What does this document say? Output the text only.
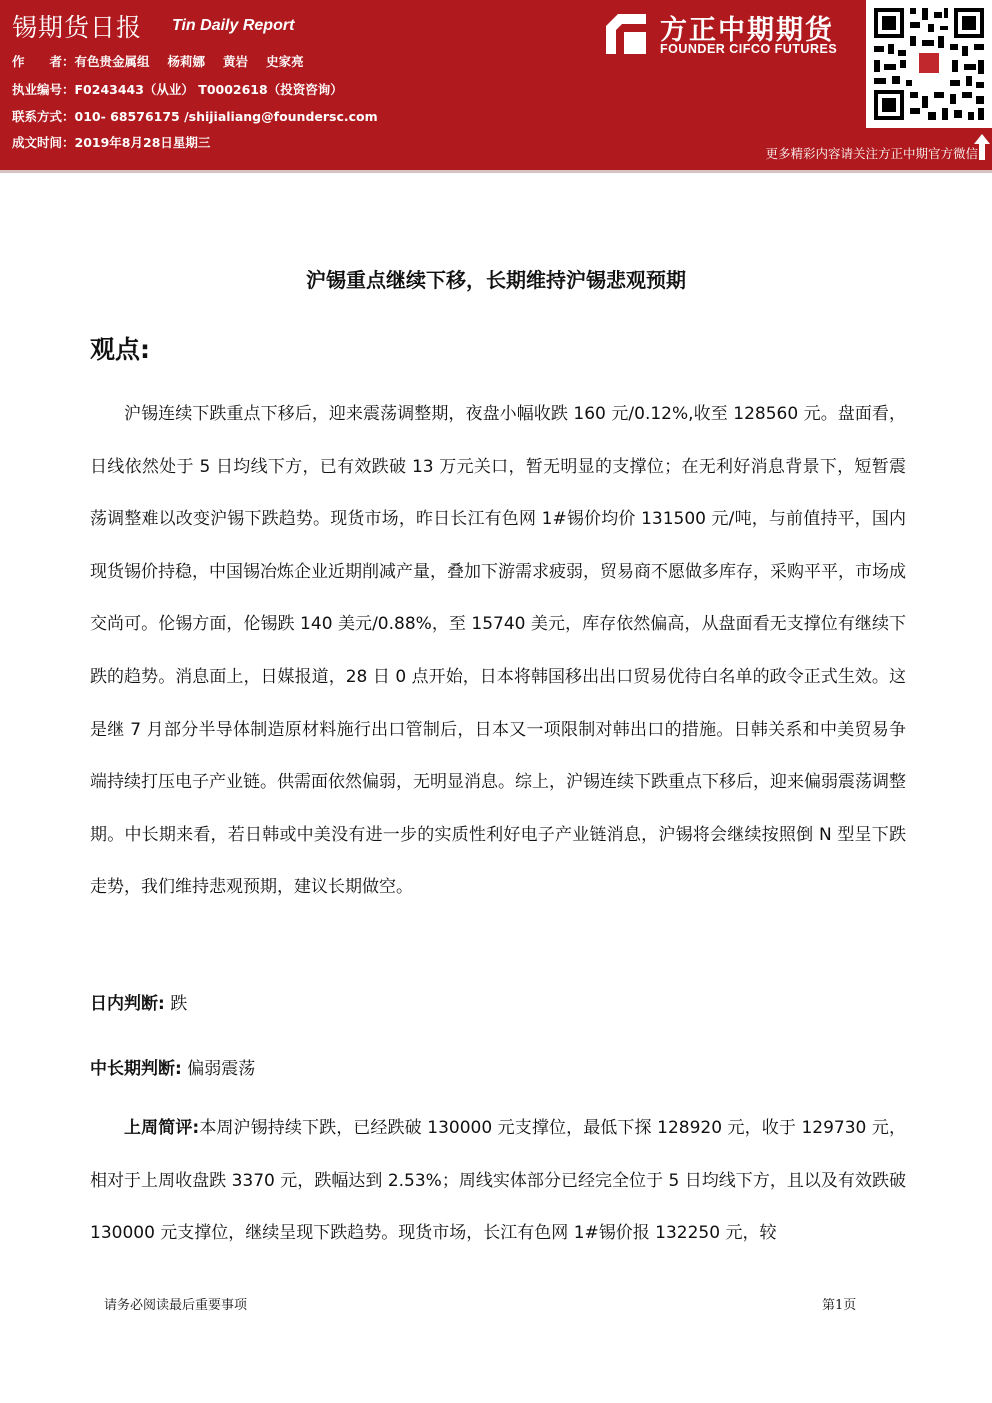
锡期货日报 Tin Daily Report
作　　者：有色贵金属组 杨莉娜 黄岩 史家亮
执业编号：F0243443（从业） T0002618（投资咨询）
联系方式：010- 68576175 /shijialiang@foundersc.com
成文时间：2019年8月28日星期三
方正中期期货
FOUNDER CIFCO FUTURES
更多精彩内容请关注方正中期官方微信
沪锡重点继续下移，长期维持沪锡悲观预期
观点:

沪锡连续下跌重点下移后，迎来震荡调整期，夜盘小幅收跌 160 元/0.12%,收至 128560 元。盘面看，日线依然处于 5 日均线下方，已有效跌破 13 万元关口，暂无明显的支撑位；在无利好消息背景下，短暂震荡调整难以改变沪锡下跌趋势。现货市场，昨日长江有色网 1#锡价均价 131500 元/吨，与前值持平，国内现货锡价持稳，中国锡冶炼企业近期削减产量，叠加下游需求疲弱，贸易商不愿做多库存，采购平平，市场成交尚可。伦锡方面，伦锡跌 140 美元/0.88%，至 15740 美元，库存依然偏高，从盘面看无支撑位有继续下跌的趋势。消息面上，日媒报道，28 日 0 点开始，日本将韩国移出出口贸易优待白名单的政令正式生效。这是继 7 月部分半导体制造原材料施行出口管制后，日本又一项限制对韩出口的措施。日韩关系和中美贸易争端持续打压电子产业链。供需面依然偏弱，无明显消息。综上，沪锡连续下跌重点下移后，迎来偏弱震荡调整期。中长期来看，若日韩或中美没有进一步的实质性利好电子产业链消息，沪锡将会继续按照倒 N 型呈下跌走势，我们维持悲观预期，建议长期做空。

日内判断: 跌
中长期判断: 偏弱震荡

上周简评:本周沪锡持续下跌，已经跌破 130000 元支撑位，最低下探 128920 元，收于 129730 元，相对于上周收盘跌 3370 元，跌幅达到 2.53%；周线实体部分已经完全位于 5 日均线下方，且以及有效跌破 130000 元支撑位，继续呈现下跌趋势。现货市场，长江有色网 1#锡价报 132250 元，较

请务必阅读最后重要事项	第1页
